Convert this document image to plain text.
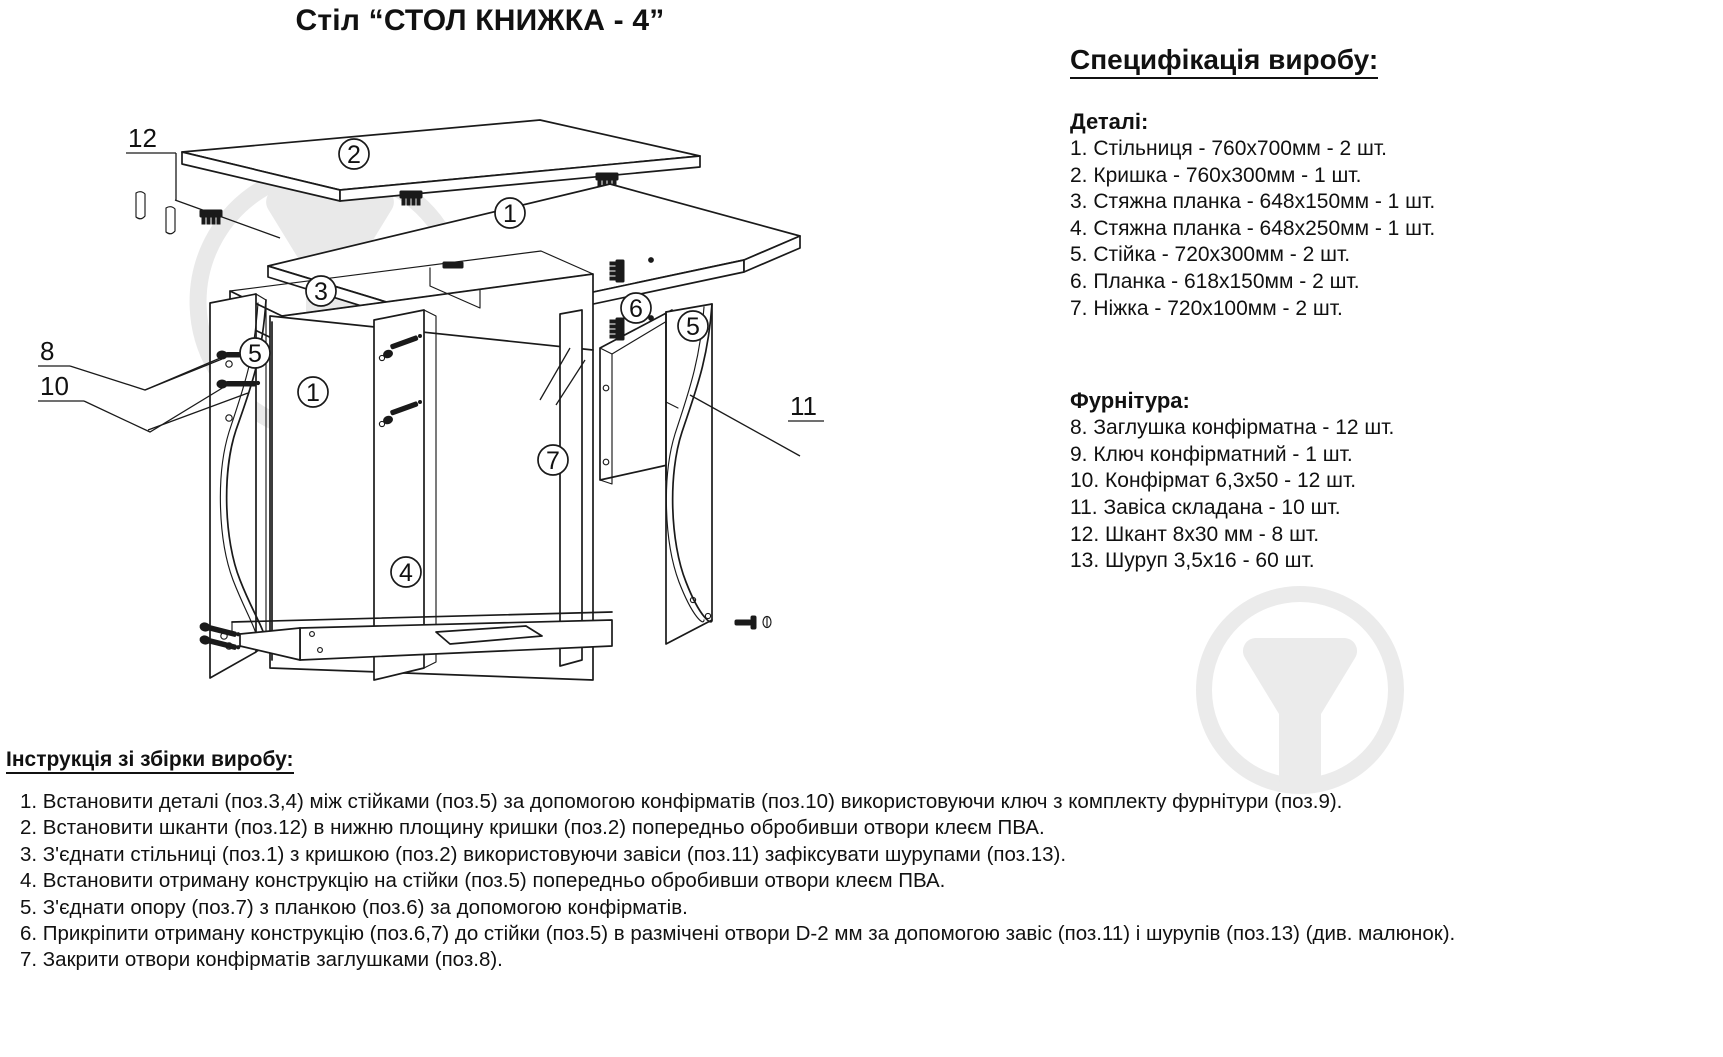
Стіл “СТОЛ КНИЖКА - 4”
2
1
3
5
1
6
5
7
4
12
8
10
11
Специфікація виробу:
Деталі:
1. Стільниця - 760х700мм - 2 шт.
2. Кришка - 760х300мм - 1 шт.
3. Стяжна планка - 648х150мм - 1 шт.
4. Стяжна планка - 648х250мм - 1 шт.
5. Стійка - 720х300мм - 2 шт.
6. Планка - 618х150мм - 2 шт.
7. Ніжка - 720х100мм - 2 шт.
Фурнітура:
8. Заглушка конфірматна - 12 шт.
9. Ключ конфірматний - 1 шт.
10. Конфірмат 6,3х50 - 12 шт.
11. Завіса складана - 10 шт.
12. Шкант 8х30 мм - 8 шт.
13. Шуруп 3,5х16 - 60 шт.
Інструкція зі збірки виробу:
1. Встановити деталі (поз.3,4) між стійками (поз.5) за допомогою конфірматів (поз.10) використовуючи ключ з комплекту фурнітури (поз.9).
2. Встановити шканти (поз.12) в нижню площину кришки (поз.2) попередньо обробивши отвори клеєм ПВА.
3. З'єднати стільниці (поз.1) з кришкою (поз.2) використовуючи завіси (поз.11) зафіксувати шурупами (поз.13).
4. Встановити отриману конструкцію на стійки (поз.5) попередньо обробивши отвори клеєм ПВА.
5. З'єднати опору (поз.7) з планкою (поз.6) за допомогою конфірматів.
6. Прикріпити отриману конструкцію (поз.6,7) до стійки (поз.5) в размічені отвори D-2 мм за допомогою завіс (поз.11) і шурупів (поз.13) (див. малюнок).
7. Закрити отвори конфірматів заглушками (поз.8).
